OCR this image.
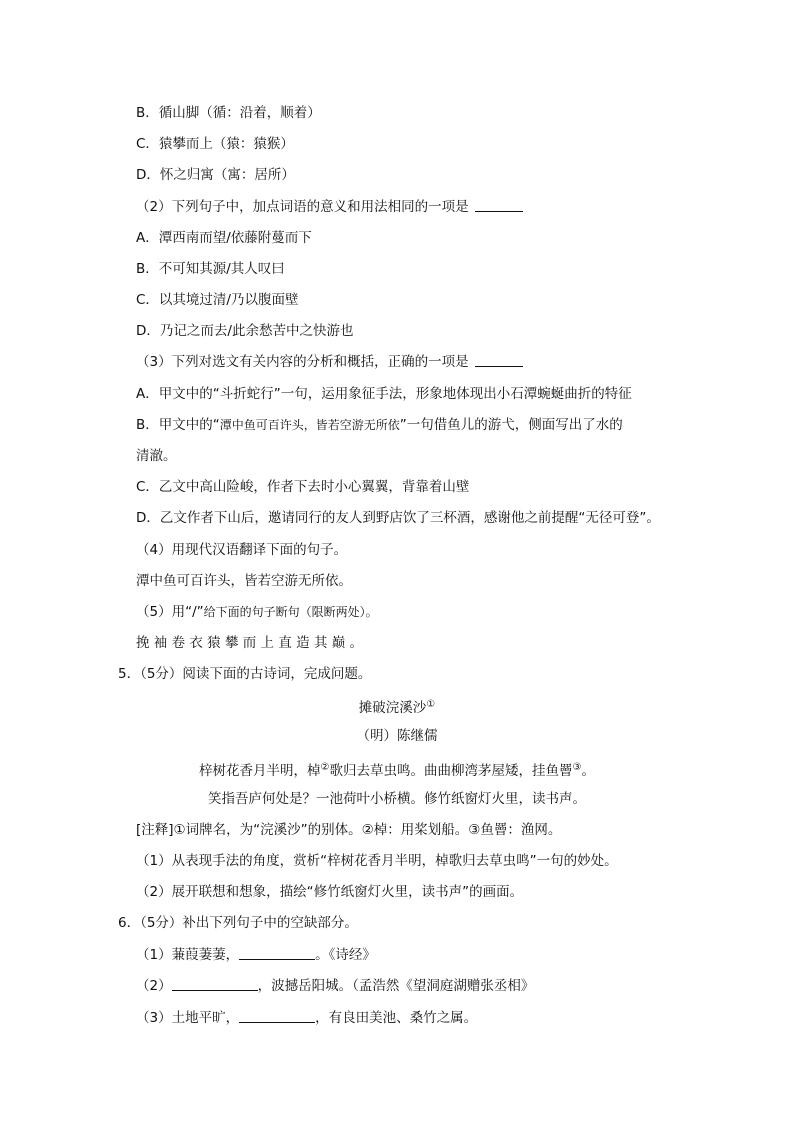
B．循山脚（循：沿着，顺着）
C．猿攀而上（猿：猿猴）
D．怀之归寓（寓：居所）
（2）下列句子中，加点词语的意义和用法相同的一项是
A．潭西南而望/依藤附蔓而下
B．不可知其源/其人叹曰
C．以其境过清/乃以腹面壁
D．乃记之而去/此余愁苦中之快游也
（3）下列对选文有关内容的分析和概括，正确的一项是
A．甲文中的“斗折蛇行”一句，运用象征手法，形象地体现出小石潭蜿蜒曲折的特征
B．甲文中的“潭中鱼可百许头，皆若空游无所依”一句借鱼儿的游弋，侧面写出了水的
清澈。
C．乙文中高山险峻，作者下去时小心翼翼，背靠着山壁
D．乙文作者下山后，邀请同行的友人到野店饮了三杯酒，感谢他之前提醒“无径可登”。
（4）用现代汉语翻译下面的句子。
潭中鱼可百许头，皆若空游无所依。
（5）用“/”给下面的句子断句（限断两处）。
挽 袖 卷 衣 猿 攀 而 上 直 造 其 巅 。
5．（5分）阅读下面的古诗词，完成问题。
摊破浣溪沙①
（明）陈继儒
梓树花香月半明，棹②歌归去草虫鸣。曲曲柳湾茅屋矮，挂鱼罾③。
笑指吾庐何处是？一池荷叶小桥横。修竹纸窗灯火里，读书声。
[注释]①词牌名，为“浣溪沙”的别体。②棹：用桨划船。③鱼罾：渔网。
（1）从表现手法的角度，赏析“梓树花香月半明，棹歌归去草虫鸣”一句的妙处。
（2）展开联想和想象，描绘“修竹纸窗灯火里，读书声”的画面。
6．（5分）补出下列句子中的空缺部分。
（1）蒹葭萋萋，	。《诗经》
（2）	，波撼岳阳城。（孟浩然《望洞庭湖赠张丞相》
（3）土地平旷，	，有良田美池、桑竹之属。
